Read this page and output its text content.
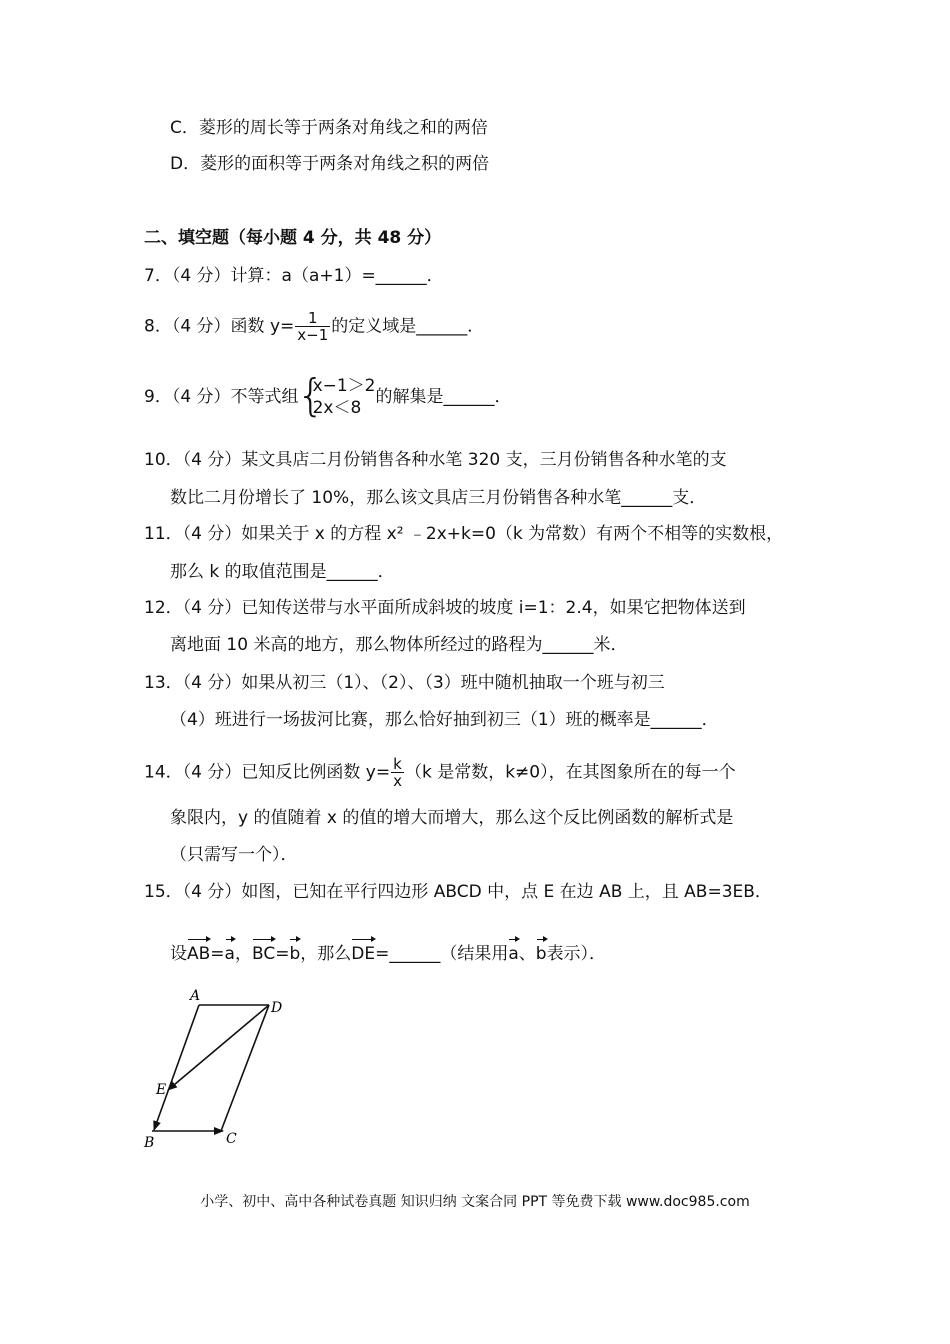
C．菱形的周长等于两条对角线之和的两倍
D．菱形的面积等于两条对角线之积的两倍
二、填空题（每小题 4 分，共 48 分）
7．（4 分）计算：a（a+1）=______．
8．（4 分）函数 $y= \frac{1}{x-1}$ 的定义域是______．
9．（4 分）不等式组
{
x−1＞2
2x＜8
的解集是______．
10．（4 分）某文具店二月份销售各种水笔 320 支，三月份销售各种水笔的支
数比二月份增长了 10%，那么该文具店三月份销售各种水笔______支．
11．（4 分）如果关于 x 的方程 x² ﹣2x+k=0（k 为常数）有两个不相等的实数根，
那么 k 的取值范围是______．
12．（4 分）已知传送带与水平面所成斜坡的坡度 i=1：2.4，如果它把物体送到
离地面 10 米高的地方，那么物体所经过的路程为______米．
13．（4 分）如果从初三（1）、（2）、（3）班中随机抽取一个班与初三
（4）班进行一场拔河比赛，那么恰好抽到初三（1）班的概率是______．
14．（4 分）已知反比例函数 $y= \frac{k}{x} (k$ 是常数，k≠0），在其图象所在的每一个
象限内，y 的值随着 x 的值的增大而增大，那么这个反比例函数的解析式是
（只需写一个）．
15．（4 分）如图，已知在平行四边形 ABCD 中，点 E 在边 AB 上，且 AB=3EB．
设AB=a，BC=b，那么DE=______（结果用a、b表示）．
A
D
E
B	C
小学、初中、高中各种试卷真题 知识归纳 文案合同 PPT 等免费下载 www.doc985.com
